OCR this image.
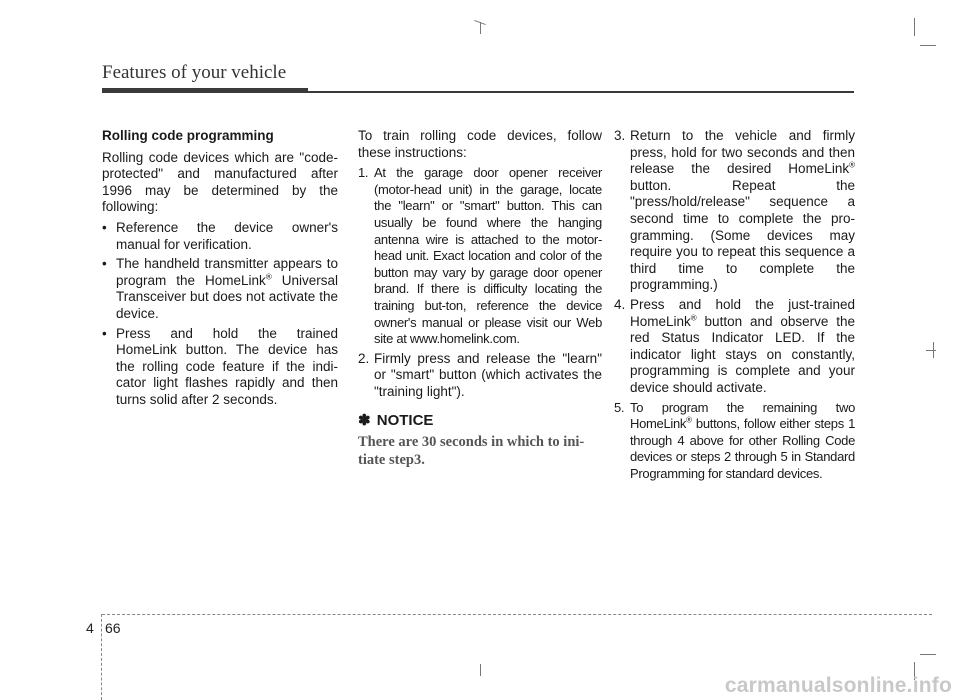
Features of your vehicle

Rolling code programming

Rolling code devices which are "code-protected" and manufactured after 1996 may be determined by the following:

• Reference the device owner's manual for verification.

• The handheld transmitter appears to program the HomeLink® Universal Transceiver but does not activate the device.

• Press and hold the trained HomeLink button. The device has the rolling code feature if the indi-cator light flashes rapidly and then turns solid after 2 seconds.

To train rolling code devices, follow these instructions:

1. At the garage door opener receiver (motor-head unit) in the garage, locate the "learn" or "smart" button. This can usually be found where the hanging antenna wire is attached to the motor-head unit. Exact location and color of the button may vary by garage door opener brand. If there is difficulty locating the training but-ton, reference the device owner's manual or please visit our Web site at www.homelink.com.

2. Firmly press and release the "learn" or "smart" button (which activates the "training light").

✽ NOTICE

There are 30 seconds in which to ini-tiate step3.

3. Return to the vehicle and firmly press, hold for two seconds and then release the desired HomeLink® button. Repeat the "press/hold/release" sequence a second time to complete the pro-gramming. (Some devices may require you to repeat this sequence a third time to complete the programming.)

4. Press and hold the just-trained HomeLink® button and observe the red Status Indicator LED. If the indicator light stays on constantly, programming is complete and your device should activate.

5. To program the remaining two HomeLink® buttons, follow either steps 1 through 4 above for other Rolling Code devices or steps 2 through 5 in Standard Programming for standard devices.

4 66
carmanualsonline.info
